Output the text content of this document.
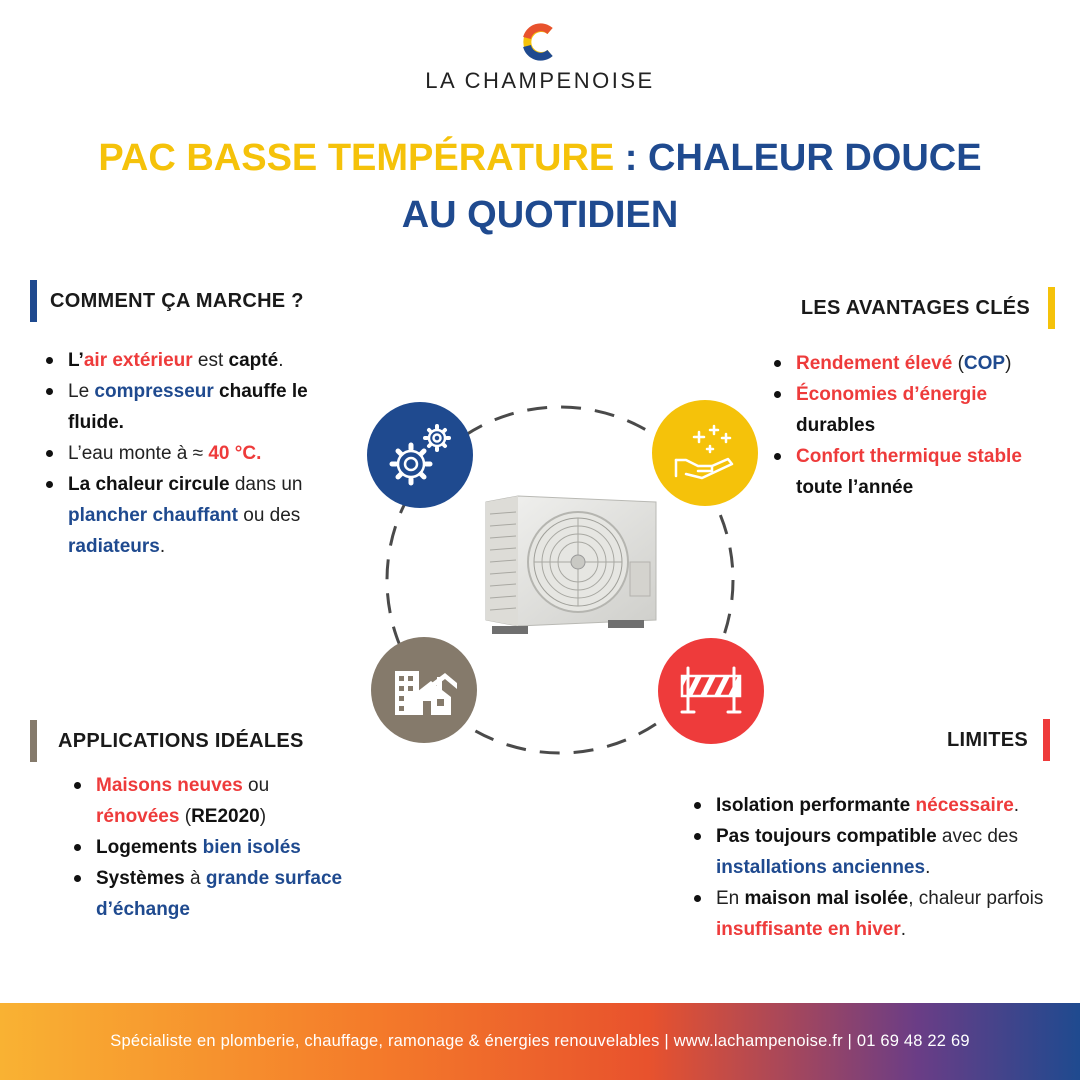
LA CHAMPENOISE
PAC BASSE TEMPÉRATURE : CHALEUR DOUCE
AU QUOTIDIEN
COMMENT ÇA MARCHE ?
L’air extérieur est capté.
Le compresseur chauffe le fluide.
L’eau monte à ≈ 40 °C.
La chaleur circule dans un plancher chauffant ou des radiateurs.
LES AVANTAGES CLÉS
Rendement élevé (COP)
Économies d’énergie durables
Confort thermique stable toute l’année
APPLICATIONS IDÉALES
Maisons neuves ou rénovées (RE2020)
Logements bien isolés
Systèmes à grande surface d’échange
LIMITES
Isolation performante nécessaire.
Pas toujours compatible avec des installations anciennes.
En maison mal isolée, chaleur parfois insuffisante en hiver.
Spécialiste en plomberie, chauffage, ramonage & énergies renouvelables | www.lachampenoise.fr | 01 69 48 22 69
